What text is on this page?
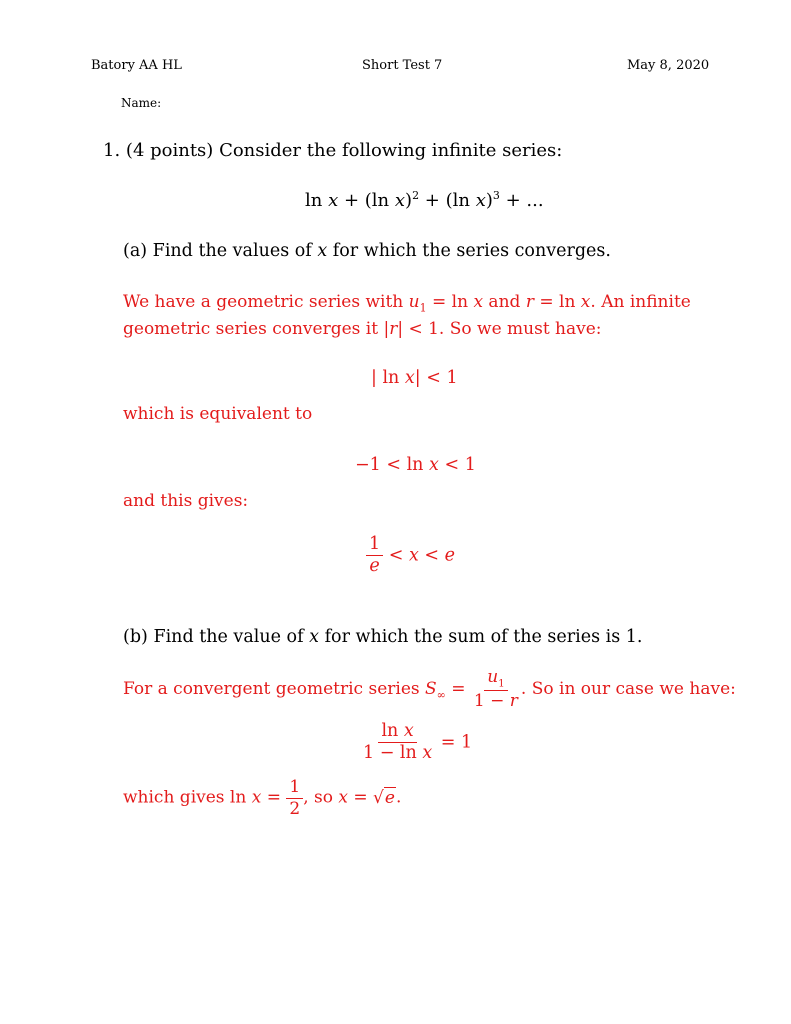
Batory AA HL	Short Test 7	May 8, 2020
Name:
1. (4 points) Consider the following infinite series:
ln x + (ln x)$^2$ + (ln x)$^3$ + ...
(a) Find the values of x for which the series converges.
We have a geometric series with $u_1 = \ln x$ and r = ln x. An infinite
geometric series converges it |r| < 1. So we must have:
| ln x| < 1
which is equivalent to
−1 < ln x < 1
and this gives:
$\frac{1}{e} < x < e$
(b) Find the value of x for which the sum of the series is 1.
For a convergent geometric series $S_\infty = \frac{u_1}{1 - r}$ . So in our case we have:
$\frac{\text{ln x}}{\text{1 − ln x}} = 1$
which gives $\ln x = \frac{1}{2}$ , so x = √e.
